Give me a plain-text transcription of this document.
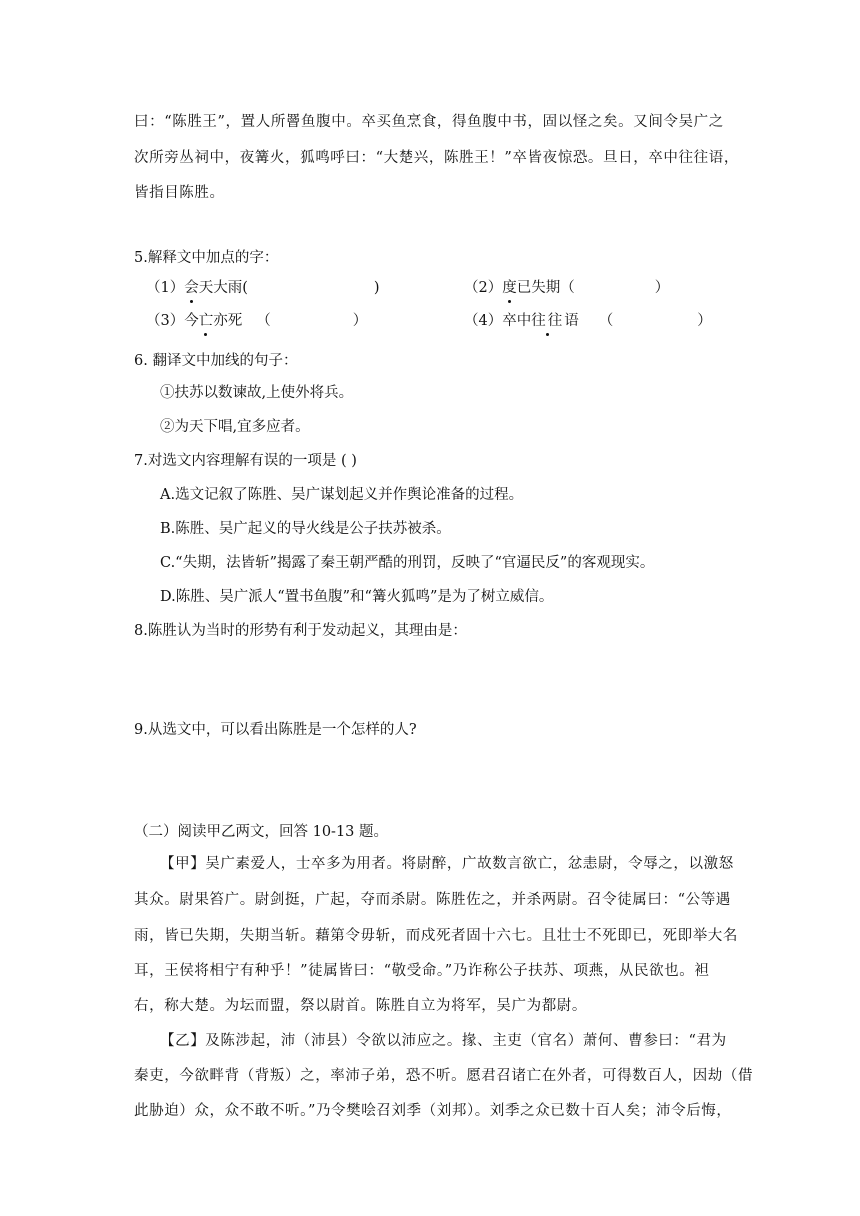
曰：“陈胜王”，置人所罾鱼腹中。卒买鱼烹食，得鱼腹中书，固以怪之矣。又间令吴广之
次所旁丛祠中，夜篝火，狐鸣呼曰：“大楚兴，陈胜王！”卒皆夜惊恐。旦日，卒中往往语，
皆指目陈胜。
5.解释文中加点的字：
（1）会天大雨(	)	（2）度已失期（	）
（3）今亡亦死 （	）	（4）卒中往往语 （	）
6. 翻译文中加线的句子：
①扶苏以数谏故,上使外将兵。
②为天下唱,宜多应者。
7.对选文内容理解有误的一项是 ( )
A.选文记叙了陈胜、吴广谋划起义并作舆论准备的过程。
B.陈胜、吴广起义的导火线是公子扶苏被杀。
C.“失期，法皆斩”揭露了秦王朝严酷的刑罚，反映了“官逼民反”的客观现实。
D.陈胜、吴广派人“置书鱼腹”和“篝火狐鸣”是为了树立威信。
8.陈胜认为当时的形势有利于发动起义，其理由是：
9.从选文中，可以看出陈胜是一个怎样的人?
（二）阅读甲乙两文，回答 10-13 题。
【甲】吴广素爱人，士卒多为用者。将尉醉，广故数言欲亡，忿恚尉，令辱之，以激怒
其众。尉果笞广。尉剑挺，广起，夺而杀尉。陈胜佐之，并杀两尉。召令徒属曰：“公等遇
雨，皆已失期，失期当斩。藉第令毋斩，而戍死者固十六七。且壮士不死即已，死即举大名
耳，王侯将相宁有种乎！”徒属皆曰：“敬受命。”乃诈称公子扶苏、项燕，从民欲也。袒
右，称大楚。为坛而盟，祭以尉首。陈胜自立为将军，吴广为都尉。
【乙】及陈涉起，沛（沛县）令欲以沛应之。掾、主吏（官名）萧何、曹参曰：“君为
秦吏，今欲畔背（背叛）之，率沛子弟，恐不听。愿君召诸亡在外者，可得数百人，因劫（借
此胁迫）众，众不敢不听。”乃令樊哙召刘季（刘邦）。刘季之众已数十百人矣；沛令后悔，
